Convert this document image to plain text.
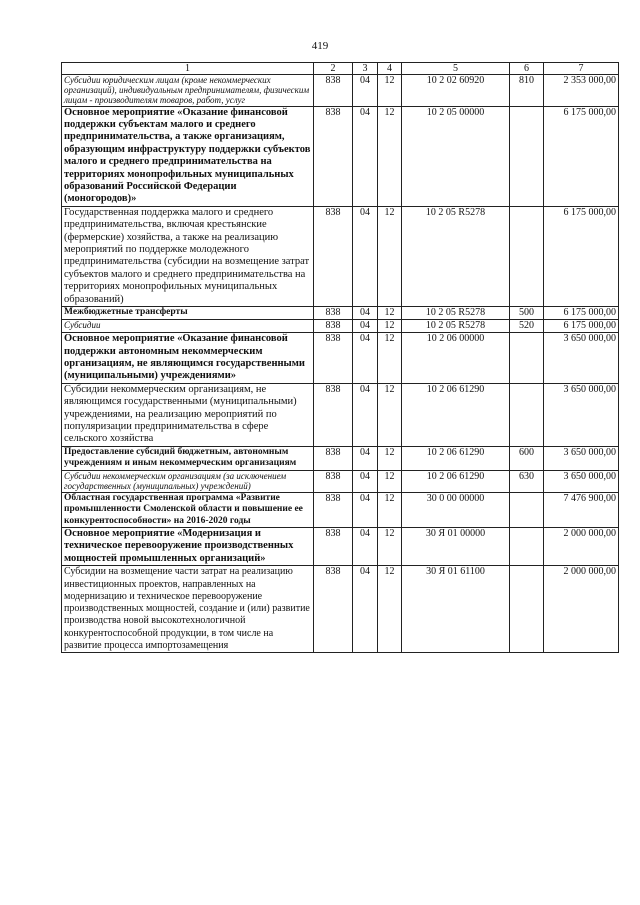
419
1	2	3	4	5	6	7
Субсидии юридическим лицам (кроме некоммерческих организаций), индивидуальным предпринимателям, физическим лицам - производителям товаров, работ, услуг	838	04	12	10 2 02 60920	810	2 353 000,00
Основное мероприятие «Оказание финансовой поддержки субъектам малого и среднего предпринимательства, а также организациям, образующим инфраструктуру поддержки субъектов малого и среднего предпринимательства на территориях монопрофильных муниципальных образований Российской Федерации (моногородов)»	838	04	12	10 2 05 00000		6 175 000,00
Государственная поддержка малого и среднего предпринимательства, включая крестьянские (фермерские) хозяйства, а также на реализацию мероприятий по поддержке молодежного предпринимательства (субсидии на возмещение затрат субъектов малого и среднего предпринимательства на территориях монопрофильных муниципальных образований)	838	04	12	10 2 05 R5278		6 175 000,00
Межбюджетные трансферты	838	04	12	10 2 05 R5278	500	6 175 000,00
Субсидии	838	04	12	10 2 05 R5278	520	6 175 000,00
Основное мероприятие «Оказание финансовой поддержки автономным некоммерческим организациям, не являющимся государственными (муниципальными) учреждениями»	838	04	12	10 2 06 00000		3 650 000,00
Субсидии некоммерческим организациям, не являющимся государственными (муниципальными) учреждениями, на реализацию мероприятий по популяризации предпринимательства в сфере сельского хозяйства	838	04	12	10 2 06 61290		3 650 000,00
Предоставление субсидий бюджетным, автономным учреждениям и иным некоммерческим организациям	838	04	12	10 2 06 61290	600	3 650 000,00
Субсидии некоммерческим организациям (за исключением государственных (муниципальных) учреждений)	838	04	12	10 2 06 61290	630	3 650 000,00
Областная государственная программа «Развитие промышленности Смоленской области и повышение ее конкурентоспособности» на 2016-2020 годы	838	04	12	30 0 00 00000		7 476 900,00
Основное мероприятие «Модернизация и техническое перевооружение производственных мощностей промышленных организаций»	838	04	12	30 Я 01 00000		2 000 000,00
Субсидии на возмещение части затрат на реализацию инвестиционных проектов, направленных на модернизацию и техническое перевооружение производственных мощностей, создание и (или) развитие производства новой высокотехнологичной конкурентоспособной продукции, в том числе на развитие процесса импортозамещения	838	04	12	30 Я 01 61100		2 000 000,00
